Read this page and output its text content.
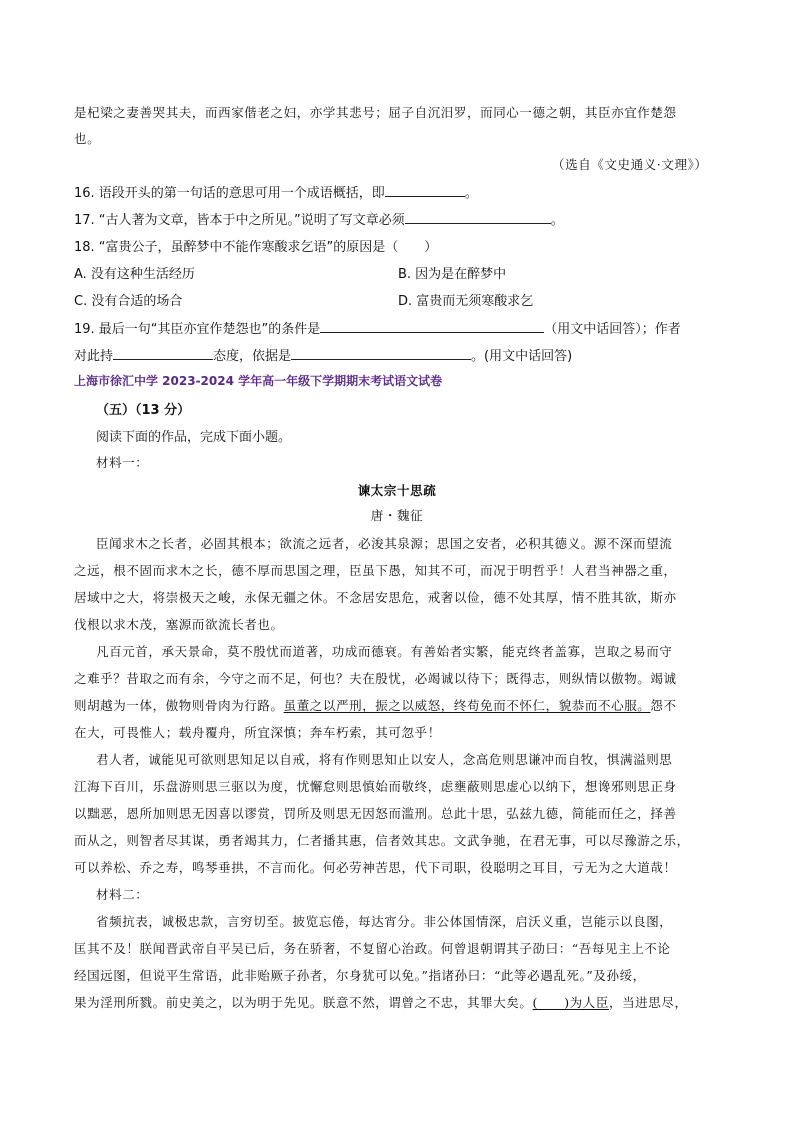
是杞梁之妻善哭其夫，而西家偕老之妇，亦学其悲号；屈子自沉汨罗，而同心一德之朝，其臣亦宜作楚怨
也。
（选自《文史通义·文理》）
16. 语段开头的第一句话的意思可用一个成语概括，即	。
17. “古人著为文章，皆本于中之所见。”说明了写文章必须	。
18. “富贵公子，虽醉梦中不能作寒酸求乞语”的原因是（　　）
A. 没有这种生活经历	B. 因为是在醉梦中
C. 没有合适的场合	D. 富贵而无须寒酸求乞
19. 最后一句“其臣亦宜作楚怨也”的条件是	（用文中话回答）；作者
对此持	态度，依据是	。(用文中话回答)
上海市徐汇中学 2023-2024 学年高一年级下学期期末考试语文试卷
（五）（13 分）
阅读下面的作品，完成下面小题。
材料一：
谏太宗十思疏
唐・魏征
臣闻求木之长者，必固其根本；欲流之远者，必浚其泉源；思国之安者，必积其德义。源不深而望流
之远，根不固而求木之长，德不厚而思国之理，臣虽下愚，知其不可，而况于明哲乎！人君当神器之重，
居域中之大，将崇极天之峻，永保无疆之休。不念居安思危，戒奢以俭，德不处其厚，情不胜其欲，斯亦
伐根以求木茂，塞源而欲流长者也。
凡百元首，承天景命，莫不殷忧而道著，功成而德衰。有善始者实繁，能克终者盖寡，岂取之易而守
之难乎？昔取之而有余，今守之而不足，何也？夫在殷忧，必竭诚以待下；既得志，则纵情以傲物。竭诚
则胡越为一体，傲物则骨肉为行路。虽董之以严刑，振之以威怒，终苟免而不怀仁，貌恭而不心服。怨不
在大，可畏惟人；载舟覆舟，所宜深慎；奔车朽索，其可忽乎！
君人者，诚能见可欲则思知足以自戒，将有作则思知止以安人，念高危则思谦冲而自牧，惧满溢则思
江海下百川，乐盘游则思三驱以为度，忧懈怠则思慎始而敬终，虑壅蔽则思虚心以纳下，想谗邪则思正身
以黜恶，恩所加则思无因喜以谬赏，罚所及则思无因怒而滥刑。总此十思，弘兹九德，简能而任之，择善
而从之，则智者尽其谋，勇者竭其力，仁者播其惠，信者效其忠。文武争驰，在君无事，可以尽豫游之乐，
可以养松、乔之寿，鸣琴垂拱，不言而化。何必劳神苦思，代下司职，役聪明之耳目，亏无为之大道哉！
材料二：
省频抗表，诚极忠款，言穷切至。披览忘倦，每达宵分。非公体国情深，启沃义重，岂能示以良图，
匡其不及！朕闻晋武帝自平吴已后，务在骄奢，不复留心治政。何曾退朝谓其子劭曰：“吾每见主上不论
经国远图，但说平生常语，此非贻厥子孙者，尔身犹可以免。”指诸孙曰：“此等必遇乱死。”及孙绥，
果为淫刑所戮。前史美之，以为明于先见。朕意不然，谓曾之不忠，其罪大矣。(　　)为人臣，当进思尽，
